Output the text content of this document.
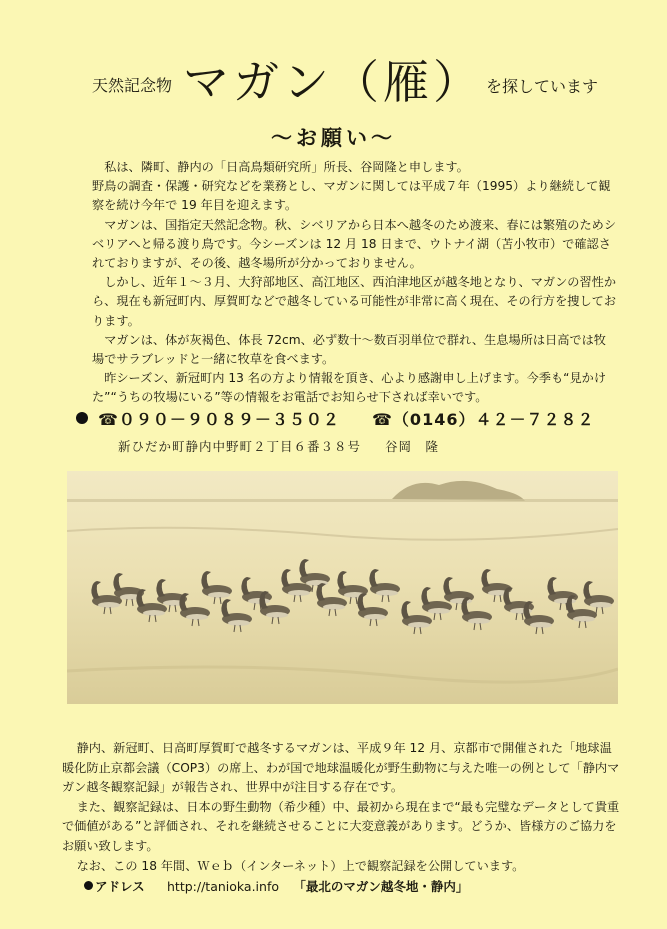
天然記念物 マガン（雁） を探しています
～お願い～

私は、隣町、静内の「日高鳥類研究所」所長、谷岡隆と申します。

野鳥の調査・保護・研究などを業務とし、マガンに関しては平成７年（1995）より継続して観察を続け今年で 19 年目を迎えます。

マガンは、国指定天然記念物。秋、シベリアから日本へ越冬のため渡来、春には繁殖のためシベリアへと帰る渡り鳥です。今シーズンは 12 月 18 日まで、ウトナイ湖（苫小牧市）で確認されておりますが、その後、越冬場所が分かっておりません。

しかし、近年１～３月、大狩部地区、高江地区、西泊津地区が越冬地となり、マガンの習性から、現在も新冠町内、厚賀町などで越冬している可能性が非常に高く現在、その行方を捜しております。

マガンは、体が灰褐色、体長 72cm、必ず数十～数百羽単位で群れ、生息場所は日高では牧場でサラブレッドと一緒に牧草を食べます。

昨シーズン、新冠町内 13 名の方より情報を頂き、心より感謝申し上げます。今季も“見かけた”“うちの牧場にいる”等の情報をお電話でお知らせ下されば幸いです。

☎０９０－９０８９－３５０２ ☎（0146）４２－７２８２
新ひだか町静内中野町２丁目６番３８号 谷岡　隆

静内、新冠町、日高町厚賀町で越冬するマガンは、平成９年 12 月、京都市で開催された「地球温暖化防止京都会議（COP3）の席上、わが国で地球温暖化が野生動物に与えた唯一の例として「静内マガン越冬観察記録」が報告され、世界中が注目する存在です。

また、観察記録は、日本の野生動物（希少種）中、最初から現在まで“最も完璧なデータとして貴重で価値がある”と評価され、それを継続させることに大変意義があります。どうか、皆様方のご協力をお願い致します。

なお、この 18 年間、Ｗｅｂ（インターネット）上で観察記録を公開しています。

アドレス http://tanioka.info 「最北のマガン越冬地・静内」
